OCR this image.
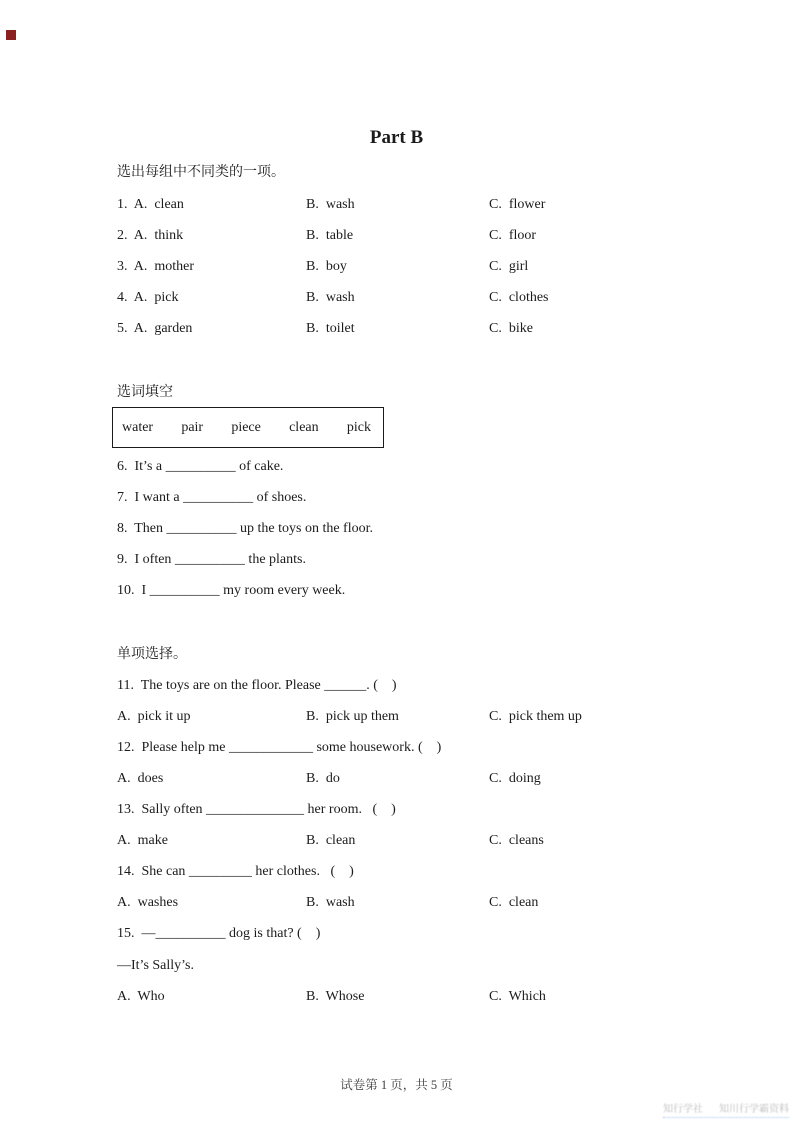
Part B
选出每组中不同类的一项。
1.  A.  clean	B.  wash	C.  flower
2.  A.  think	B.  table	C.  floor
3.  A.  mother	B.  boy	C.  girl
4.  A.  pick	B.  wash	C.  clothes
5.  A.  garden	B.  toilet	C.  bike
选词填空
water pair piece clean pick
6.  It’s a __________ of cake.
7.  I want a __________ of shoes.
8.  Then __________ up the toys on the floor.
9.  I often __________ the plants.
10.  I __________ my room every week.
单项选择。
11.  The toys are on the floor. Please ______. ( )
A.  pick it up	B.  pick up them	C.  pick them up
12.  Please help me ____________ some housework. ( )
A.  does	B.  do	C.  doing
13.  Sally often ______________ her room.  ( )
A.  make	B.  clean	C.  cleans
14.  She can _________ her clothes.  ( )
A.  washes	B.  wash	C.  clean
15.  —__________ dog is that? ( )
—It’s Sally’s.
A.  Who	B.  Whose	C.  Which
试卷第 1 页，共 5 页
知行学社 知川行学霸资料
